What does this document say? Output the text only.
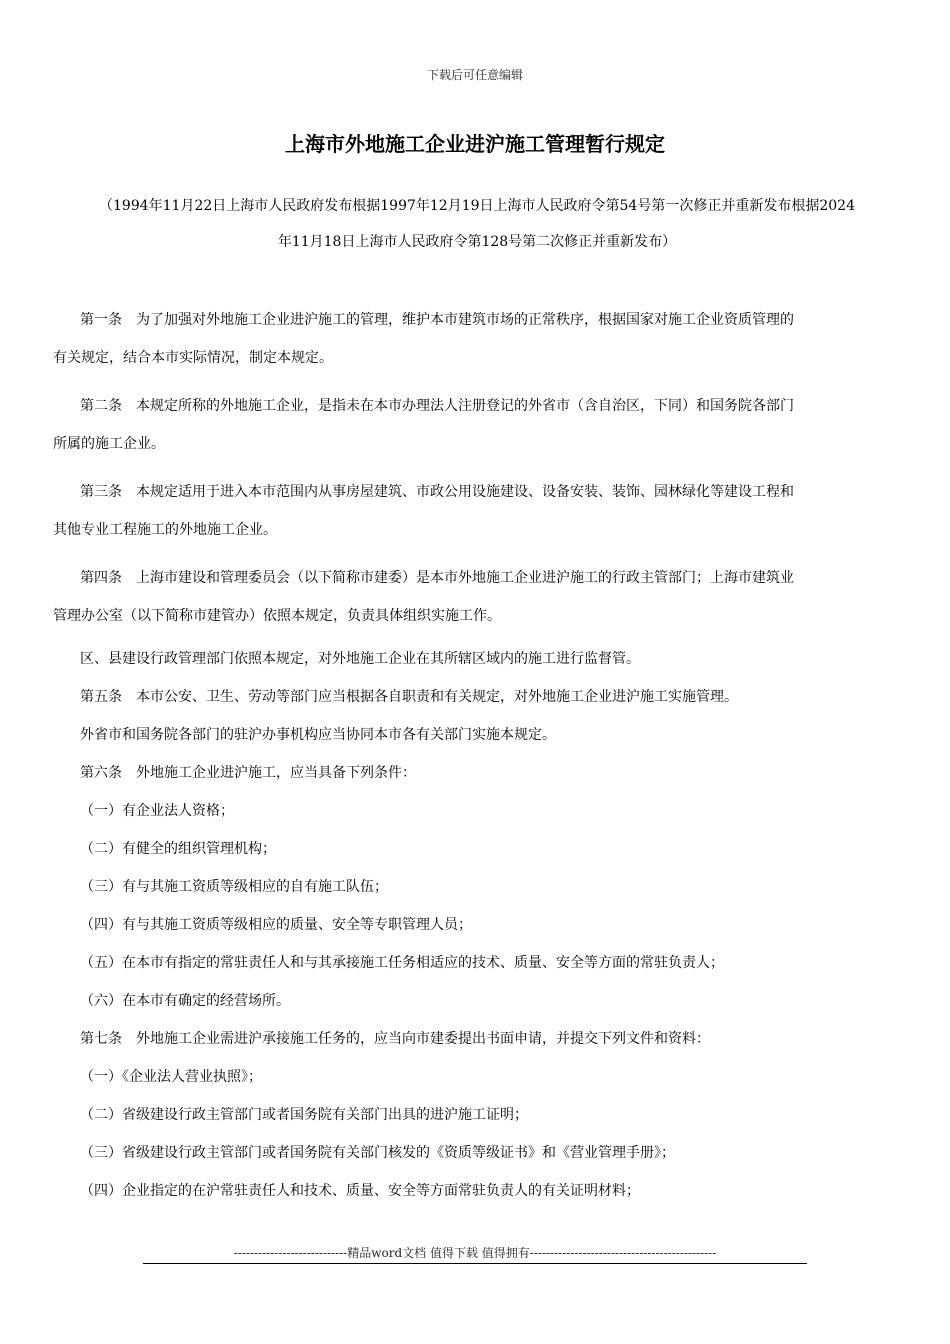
下载后可任意编辑
上海市外地施工企业进沪施工管理暂行规定
（1994年11月22日上海市人民政府发布根据1997年12月19日上海市人民政府令第54号第一次修正并重新发布根据2024
年11月18日上海市人民政府令第128号第二次修正并重新发布）
第一条　为了加强对外地施工企业进沪施工的管理，维护本市建筑市场的正常秩序，根据国家对施工企业资质管理的
有关规定，结合本市实际情况，制定本规定。
第二条　本规定所称的外地施工企业，是指未在本市办理法人注册登记的外省市（含自治区，下同）和国务院各部门
所属的施工企业。
第三条　本规定适用于进入本市范围内从事房屋建筑、市政公用设施建设、设备安装、装饰、园林绿化等建设工程和
其他专业工程施工的外地施工企业。
第四条　上海市建设和管理委员会（以下简称市建委）是本市外地施工企业进沪施工的行政主管部门；上海市建筑业
管理办公室（以下简称市建管办）依照本规定，负责具体组织实施工作。
区、县建设行政管理部门依照本规定，对外地施工企业在其所辖区域内的施工进行监督管。
第五条　本市公安、卫生、劳动等部门应当根据各自职责和有关规定，对外地施工企业进沪施工实施管理。
外省市和国务院各部门的驻沪办事机构应当协同本市各有关部门实施本规定。
第六条　外地施工企业进沪施工，应当具备下列条件：
（一）有企业法人资格；
（二）有健全的组织管理机构；
（三）有与其施工资质等级相应的自有施工队伍；
（四）有与其施工资质等级相应的质量、安全等专职管理人员；
（五）在本市有指定的常驻责任人和与其承接施工任务相适应的技术、质量、安全等方面的常驻负责人；
（六）在本市有确定的经营场所。
第七条　外地施工企业需进沪承接施工任务的，应当向市建委提出书面申请，并提交下列文件和资料：
（一）《企业法人营业执照》；
（二）省级建设行政主管部门或者国务院有关部门出具的进沪施工证明；
（三）省级建设行政主管部门或者国务院有关部门核发的《资质等级证书》和《营业管理手册》；
（四）企业指定的在沪常驻责任人和技术、质量、安全等方面常驻负责人的有关证明材料；
----------------------------精品word文档 值得下载 值得拥有----------------------------------------------
